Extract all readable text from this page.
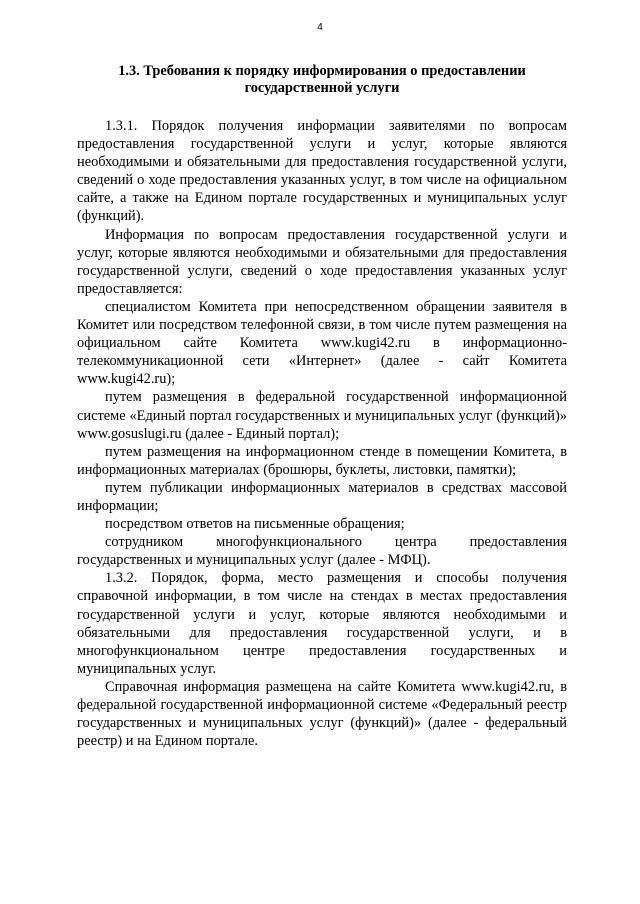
4
1.3. Требования к порядку информирования о предоставлении государственной услуги

1.3.1. Порядок получения информации заявителями по вопросам предоставления государственной услуги и услуг, которые являются необходимыми и обязательными для предоставления государственной услуги, сведений о ходе предоставления указанных услуг, в том числе на официальном сайте, а также на Едином портале государственных и муниципальных услуг (функций).

Информация по вопросам предоставления государственной услуги и услуг, которые являются необходимыми и обязательными для предоставления государственной услуги, сведений о ходе предоставления указанных услуг предоставляется:

специалистом Комитета при непосредственном обращении заявителя в Комитет или посредством телефонной связи, в том числе путем размещения на официальном сайте Комитета www.kugi42.ru в информационно-телекоммуникационной сети «Интернет» (далее - сайт Комитета www.kugi42.ru);

путем размещения в федеральной государственной информационной системе «Единый портал государственных и муниципальных услуг (функций)» www.gosuslugi.ru (далее - Единый портал);

путем размещения на информационном стенде в помещении Комитета, в информационных материалах (брошюры, буклеты, листовки, памятки);

путем публикации информационных материалов в средствах массовой информации;

посредством ответов на письменные обращения;

сотрудником многофункционального центра предоставления государственных и муниципальных услуг (далее - МФЦ).

1.3.2. Порядок, форма, место размещения и способы получения справочной информации, в том числе на стендах в местах предоставления государственной услуги и услуг, которые являются необходимыми и обязательными для предоставления государственной услуги, и в многофункциональном центре предоставления государственных и муниципальных услуг.

Справочная информация размещена на сайте Комитета www.kugi42.ru, в федеральной государственной информационной системе «Федеральный реестр государственных и муниципальных услуг (функций)» (далее - федеральный реестр) и на Едином портале.
